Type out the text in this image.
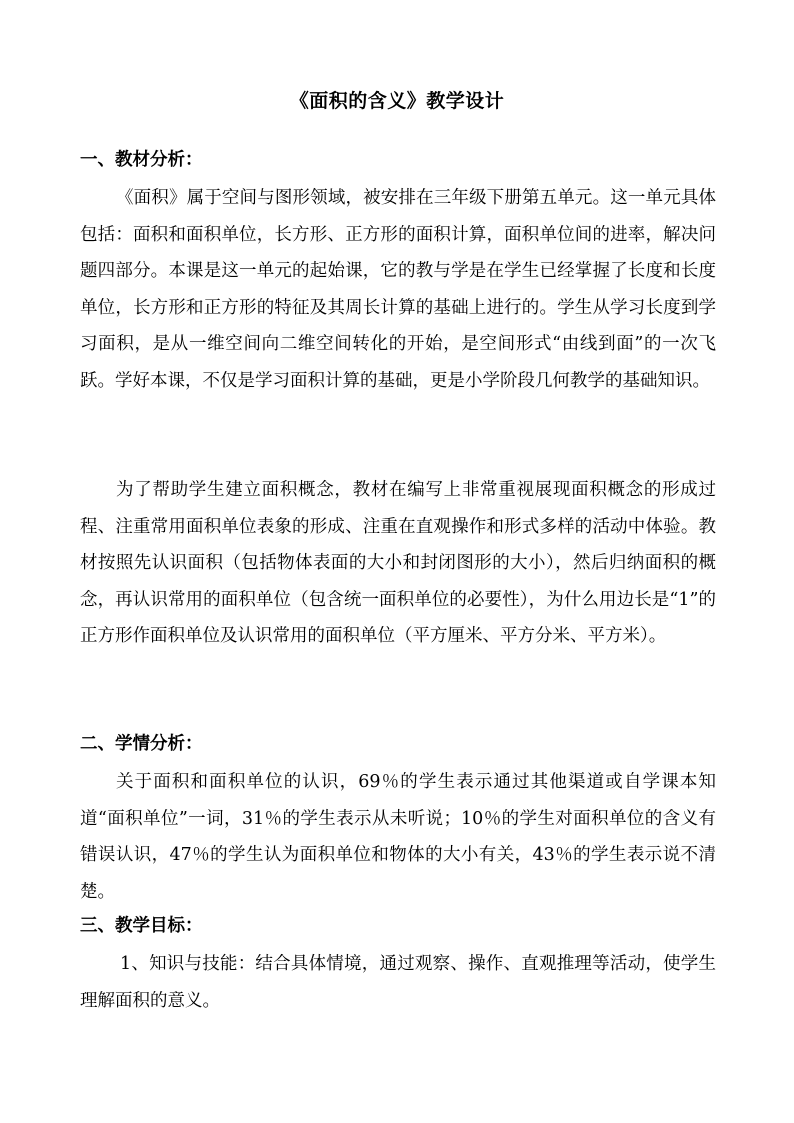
《面积的含义》教学设计
一、教材分析：

《面积》属于空间与图形领域，被安排在三年级下册第五单元。这一单元具体包括：面积和面积单位，长方形、正方形的面积计算，面积单位间的进率，解决问题四部分。本课是这一单元的起始课，它的教与学是在学生已经掌握了长度和长度单位，长方形和正方形的特征及其周长计算的基础上进行的。学生从学习长度到学习面积，是从一维空间向二维空间转化的开始，是空间形式“由线到面”的一次飞跃。学好本课，不仅是学习面积计算的基础，更是小学阶段几何教学的基础知识。

为了帮助学生建立面积概念，教材在编写上非常重视展现面积概念的形成过程、注重常用面积单位表象的形成、注重在直观操作和形式多样的活动中体验。教材按照先认识面积（包括物体表面的大小和封闭图形的大小），然后归纳面积的概念，再认识常用的面积单位（包含统一面积单位的必要性），为什么用边长是“1”的正方形作面积单位及认识常用的面积单位（平方厘米、平方分米、平方米）。

二、学情分析：

关于面积和面积单位的认识，69％的学生表示通过其他渠道或自学课本知道“面积单位”一词，31％的学生表示从未听说；10％的学生对面积单位的含义有错误认识，47％的学生认为面积单位和物体的大小有关，43％的学生表示说不清楚。

三、教学目标：

1、知识与技能：结合具体情境，通过观察、操作、直观推理等活动，使学生理解面积的意义。
